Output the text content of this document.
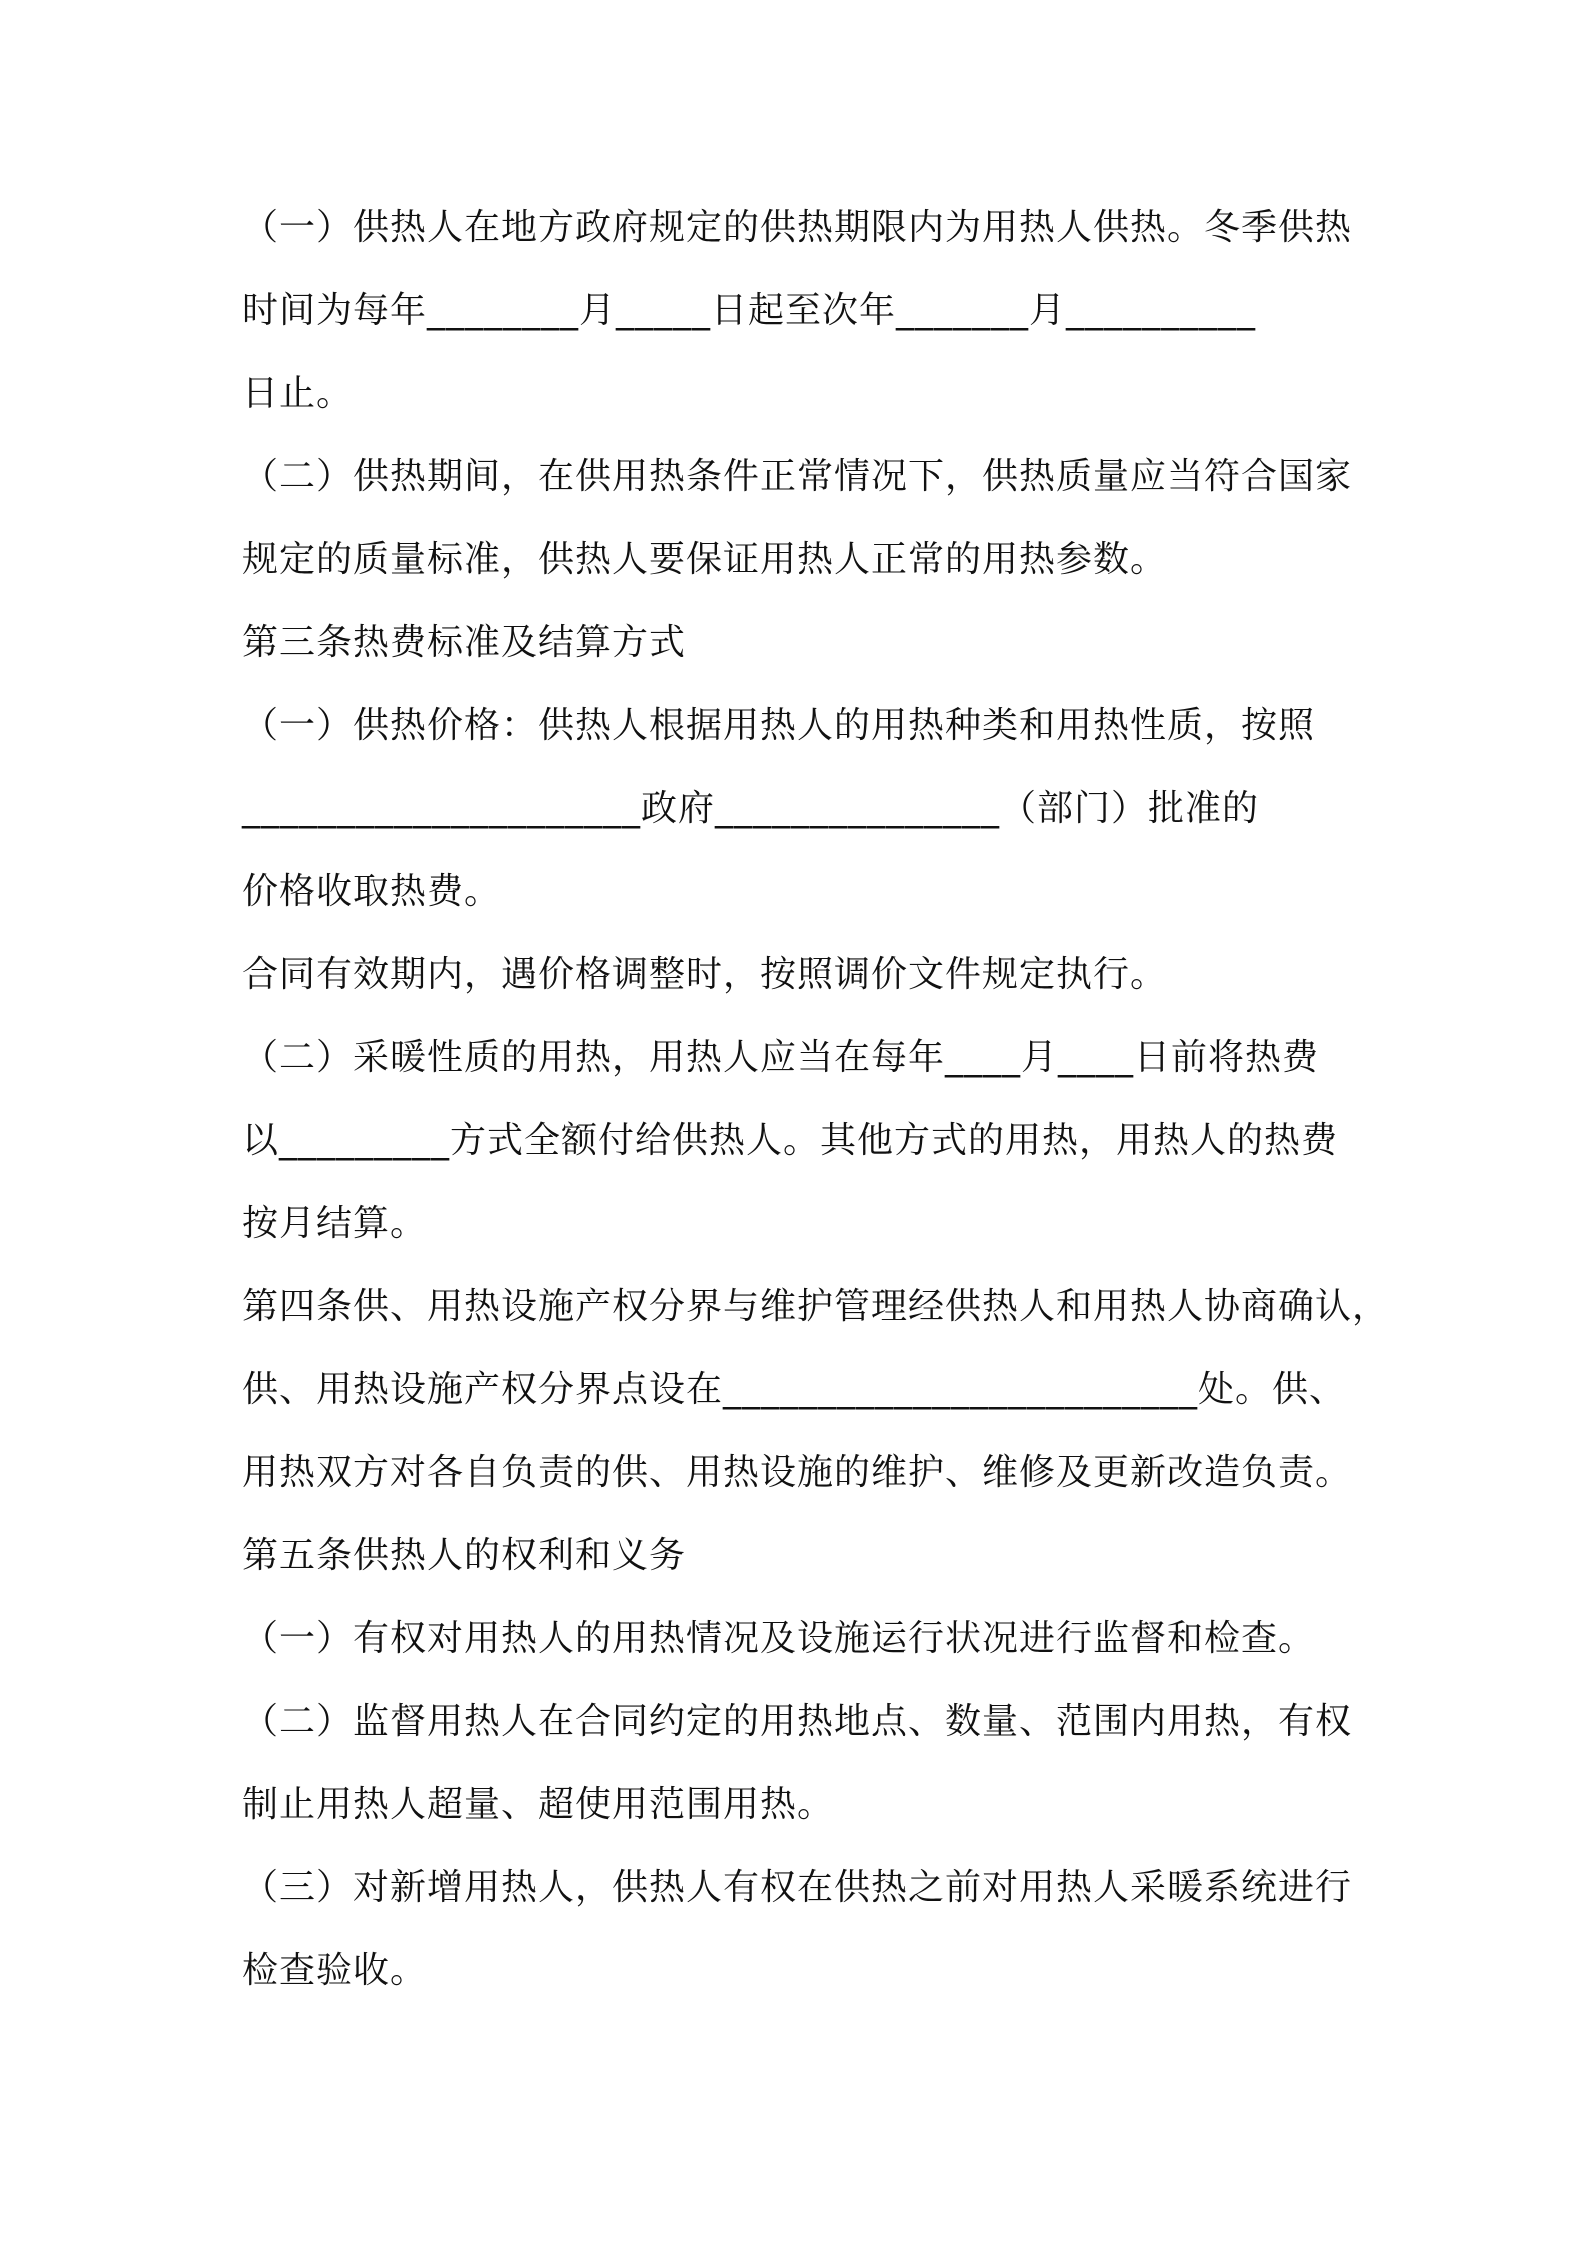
（一）供热人在地方政府规定的供热期限内为用热人供热。冬季供热
时间为每年________月_____日起至次年_______月__________
日止。
（二）供热期间，在供用热条件正常情况下，供热质量应当符合国家
规定的质量标准，供热人要保证用热人正常的用热参数。
第三条热费标准及结算方式
（一）供热价格：供热人根据用热人的用热种类和用热性质，按照
_____________________政府_______________（部门）批准的
价格收取热费。
合同有效期内，遇价格调整时，按照调价文件规定执行。
（二）采暖性质的用热，用热人应当在每年____月____日前将热费
以_________方式全额付给供热人。其他方式的用热，用热人的热费
按月结算。
第四条供、用热设施产权分界与维护管理经供热人和用热人协商确认，
供、用热设施产权分界点设在_________________________处。供、
用热双方对各自负责的供、用热设施的维护、维修及更新改造负责。
第五条供热人的权利和义务
（一）有权对用热人的用热情况及设施运行状况进行监督和检查。
（二）监督用热人在合同约定的用热地点、数量、范围内用热，有权
制止用热人超量、超使用范围用热。
（三）对新增用热人，供热人有权在供热之前对用热人采暖系统进行
检查验收。
